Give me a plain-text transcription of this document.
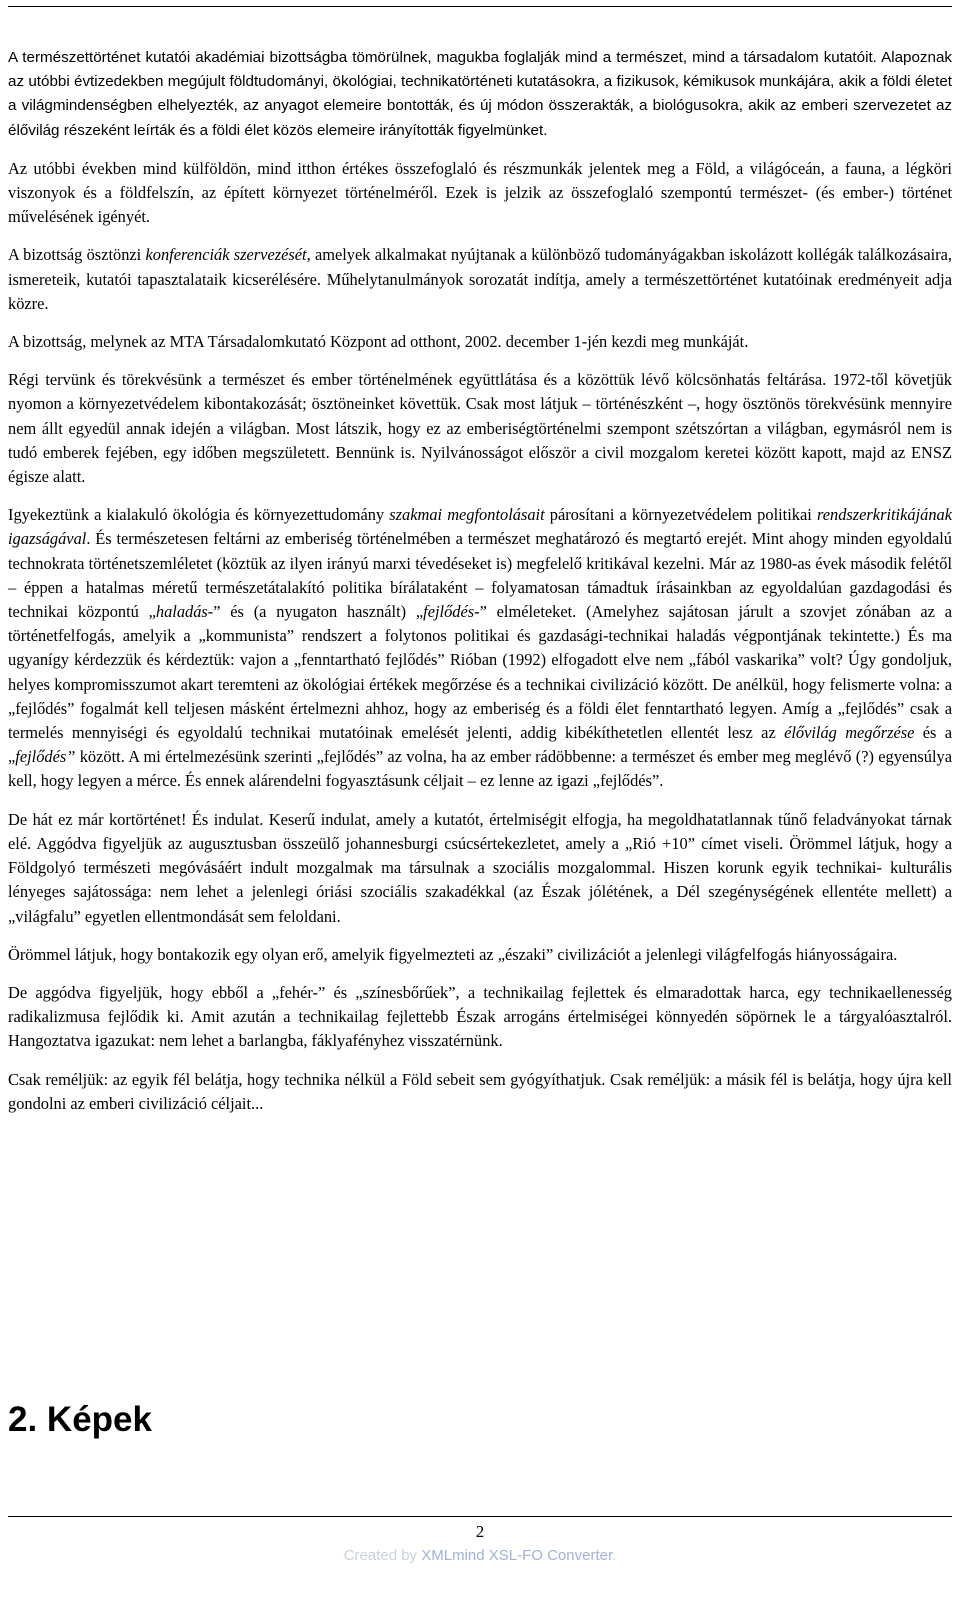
A természettörténet kutatói akadémiai bizottságba tömörülnek, magukba foglalják mind a természet, mind a társadalom kutatóit. Alapoznak az utóbbi évtizedekben megújult földtudományi, ökológiai, technikatörténeti kutatásokra, a fizikusok, kémikusok munkájára, akik a földi életet a világmindenségben elhelyezték, az anyagot elemeire bontották, és új módon összerakták, a biológusokra, akik az emberi szervezetet az élővilág részeként leírták és a földi élet közös elemeire irányították figyelmünket.

Az utóbbi években mind külföldön, mind itthon értékes összefoglaló és részmunkák jelentek meg a Föld, a világóceán, a fauna, a légköri viszonyok és a földfelszín, az épített környezet történelméről. Ezek is jelzik az összefoglaló szempontú természet- (és ember-) történet művelésének igényét.

A bizottság ösztönzi konferenciák szervezését, amelyek alkalmakat nyújtanak a különböző tudományágakban iskolázott kollégák találkozásaira, ismereteik, kutatói tapasztalataik kicserélésére. Műhelytanulmányok sorozatát indítja, amely a természettörténet kutatóinak eredményeit adja közre.

A bizottság, melynek az MTA Társadalomkutató Központ ad otthont, 2002. december 1-jén kezdi meg munkáját.

Régi tervünk és törekvésünk a természet és ember történelmének együttlátása és a közöttük lévő kölcsönhatás feltárása. 1972-től követjük nyomon a környezetvédelem kibontakozását; ösztöneinket követtük. Csak most látjuk – történészként –, hogy ösztönös törekvésünk mennyire nem állt egyedül annak idején a világban. Most látszik, hogy ez az emberiségtörténelmi szempont szétszórtan a világban, egymásról nem is tudó emberek fejében, egy időben megszületett. Bennünk is. Nyilvánosságot először a civil mozgalom keretei között kapott, majd az ENSZ égisze alatt.

Igyekeztünk a kialakuló ökológia és környezettudomány szakmai megfontolásait párosítani a környezetvédelem politikai rendszerkritikájának igazságával. És természetesen feltárni az emberiség történelmében a természet meghatározó és megtartó erejét. Mint ahogy minden egyoldalú technokrata történetszemléletet (köztük az ilyen irányú marxi tévedéseket is) megfelelő kritikával kezelni. Már az 1980-as évek második felétől – éppen a hatalmas méretű természetátalakító politika bírálataként – folyamatosan támadtuk írásainkban az egyoldalúan gazdagodási és technikai központú „haladás-” és (a nyugaton használt) „fejlődés-” elméleteket. (Amelyhez sajátosan járult a szovjet zónában az a történetfelfogás, amelyik a „kommunista” rendszert a folytonos politikai és gazdasági-technikai haladás végpontjának tekintette.) És ma ugyanígy kérdezzük és kérdeztük: vajon a „fenntartható fejlődés” Rióban (1992) elfogadott elve nem „fából vaskarika” volt? Úgy gondoljuk, helyes kompromisszumot akart teremteni az ökológiai értékek megőrzése és a technikai civilizáció között. De anélkül, hogy felismerte volna: a „fejlődés” fogalmát kell teljesen másként értelmezni ahhoz, hogy az emberiség és a földi élet fenntartható legyen. Amíg a „fejlődés” csak a termelés mennyiségi és egyoldalú technikai mutatóinak emelését jelenti, addig kibékíthetetlen ellentét lesz az élővilág megőrzése és a „fejlődés” között. A mi értelmezésünk szerinti „fejlődés” az volna, ha az ember rádöbbenne: a természet és ember meg meglévő (?) egyensúlya kell, hogy legyen a mérce. És ennek alárendelni fogyasztásunk céljait – ez lenne az igazi „fejlődés”.

De hát ez már kortörténet! És indulat. Keserű indulat, amely a kutatót, értelmiségit elfogja, ha megoldhatatlannak tűnő feladványokat tárnak elé. Aggódva figyeljük az augusztusban összeülő johannesburgi csúcsértekezletet, amely a „Rió +10” címet viseli. Örömmel látjuk, hogy a Földgolyó természeti megóvásáért indult mozgalmak ma társulnak a szociális mozgalommal. Hiszen korunk egyik technikai- kulturális lényeges sajátossága: nem lehet a jelenlegi óriási szociális szakadékkal (az Észak jólétének, a Dél szegénységének ellentéte mellett) a „világfalu” egyetlen ellentmondását sem feloldani.

Örömmel látjuk, hogy bontakozik egy olyan erő, amelyik figyelmezteti az „északi” civilizációt a jelenlegi világfelfogás hiányosságaira.

De aggódva figyeljük, hogy ebből a „fehér-” és „színesbőrűek”, a technikailag fejlettek és elmaradottak harca, egy technikaellenesség radikalizmusa fejlődik ki. Amit azután a technikailag fejlettebb Észak arrogáns értelmiségei könnyedén söpörnek le a tárgyalóasztalról. Hangoztatva igazukat: nem lehet a barlangba, fáklyafényhez visszatérnünk.

Csak reméljük: az egyik fél belátja, hogy technika nélkül a Föld sebeit sem gyógyíthatjuk. Csak reméljük: a másik fél is belátja, hogy újra kell gondolni az emberi civilizáció céljait...

2. Képek
2
Created by XMLmind XSL-FO Converter.
